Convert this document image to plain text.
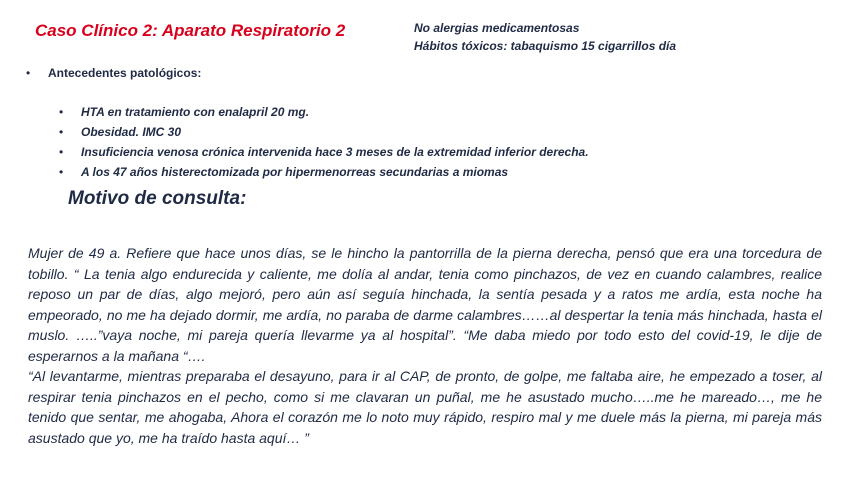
Caso Clínico 2: Aparato Respiratorio 2	No alergias medicamentosas
Hábitos tóxicos: tabaquismo 15 cigarrillos día
• Antecedentes patológicos:
• HTA en tratamiento con enalapril 20 mg.
• Obesidad. IMC 30
• Insuficiencia venosa crónica intervenida hace 3 meses de la extremidad inferior derecha.
• A los 47 años histerectomizada por hipermenorreas secundarias a miomas
Motivo de consulta:

Mujer de 49 a. Refiere que hace unos días, se le hincho la pantorrilla de la pierna derecha, pensó que era una torcedura de tobillo. “ La tenia algo endurecida y caliente, me dolía al andar, tenia como pinchazos, de vez en cuando calambres, realice reposo un par de días, algo mejoró, pero aún así seguía hinchada, la sentía pesada y a ratos me ardía, esta noche ha empeorado, no me ha dejado dormir, me ardía, no paraba de darme calambres……al despertar la tenia más hinchada, hasta el muslo. …..”vaya noche, mi pareja quería llevarme ya al hospital”. “Me daba miedo por todo esto del covid-19, le dije de esperarnos a la mañana “….

“Al levantarme, mientras preparaba el desayuno, para ir al CAP, de pronto, de golpe, me faltaba aire, he empezado a toser, al respirar tenia pinchazos en el pecho, como si me clavaran un puñal, me he asustado mucho…..me he mareado…, me he tenido que sentar, me ahogaba, Ahora el corazón me lo noto muy rápido, respiro mal y me duele más la pierna, mi pareja más asustado que yo, me ha traído hasta aquí… ”
